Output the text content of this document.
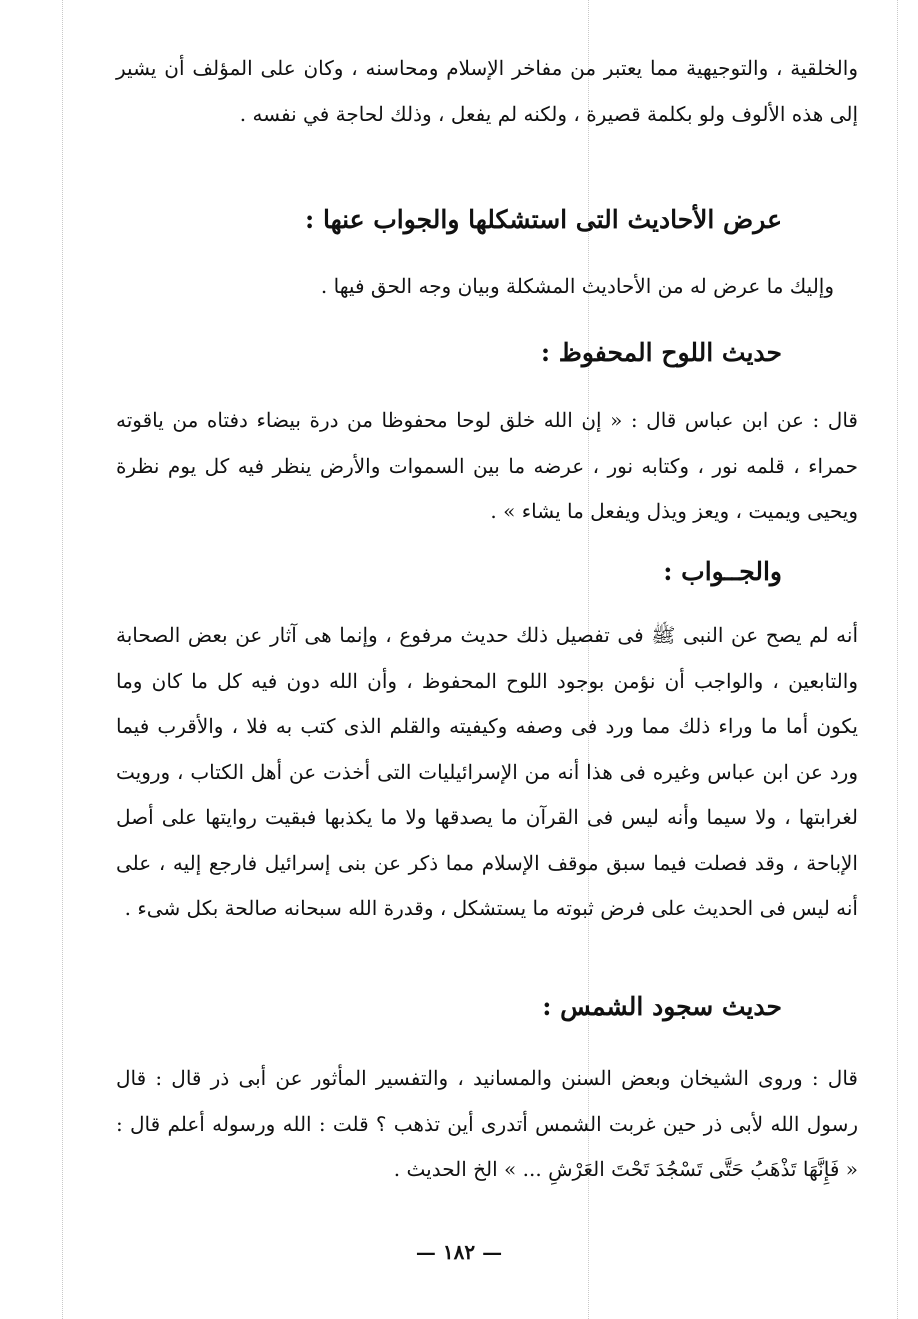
والخلقية ، والتوجيهية مما يعتبر من مفاخر الإسلام ومحاسنه ، وكان على المؤلف أن يشير إلى هذه الألوف ولو بكلمة قصيرة ، ولكنه لم يفعل ، وذلك لحاجة في نفسه .

عرض الأحاديث التى استشكلها والجواب عنها :
وإليك ما عرض له من الأحاديث المشكلة وبيان وجه الحق فيها .
حديث اللوح المحفوظ :

قال : عن ابن عباس قال : « إن الله خلق لوحا محفوظا من درة بيضاء دفتاه من ياقوته حمراء ، قلمه نور ، وكتابه نور ، عرضه ما بين السموات والأرض ينظر فيه كل يوم نظرة ويحيى ويميت ، ويعز ويذل ويفعل ما يشاء » .

والجــواب :

أنه لم يصح عن النبى ﷺ فى تفصيل ذلك حديث مرفوع ، وإنما هى آثار عن بعض الصحابة والتابعين ، والواجب أن نؤمن بوجود اللوح المحفوظ ، وأن الله دون فيه كل ما كان وما يكون أما ما وراء ذلك مما ورد فى وصفه وكيفيته والقلم الذى كتب به فلا ، والأقرب فيما ورد عن ابن عباس وغيره فى هذا أنه من الإسرائيليات التى أخذت عن أهل الكتاب ، ورويت لغرابتها ، ولا سيما وأنه ليس فى القرآن ما يصدقها ولا ما يكذبها فبقيت روايتها على أصل الإباحة ، وقد فصلت فيما سبق موقف الإسلام مما ذكر عن بنى إسرائيل فارجع إليه ، على أنه ليس فى الحديث على فرض ثبوته ما يستشكل ، وقدرة الله سبحانه صالحة بكل شىء .

حديث سجود الشمس :

قال : وروى الشيخان وبعض السنن والمسانيد ، والتفسير المأثور عن أبى ذر قال : قال رسول الله لأبى ذر حين غربت الشمس أتدرى أين تذهب ؟ قلت : الله ورسوله أعلم قال : « فَإِنَّهَا تَذْهَبُ حَتَّى تَسْجُدَ تَحْتَ العَرْشِ ... » الخ الحديث .

— ١٨٢ —
